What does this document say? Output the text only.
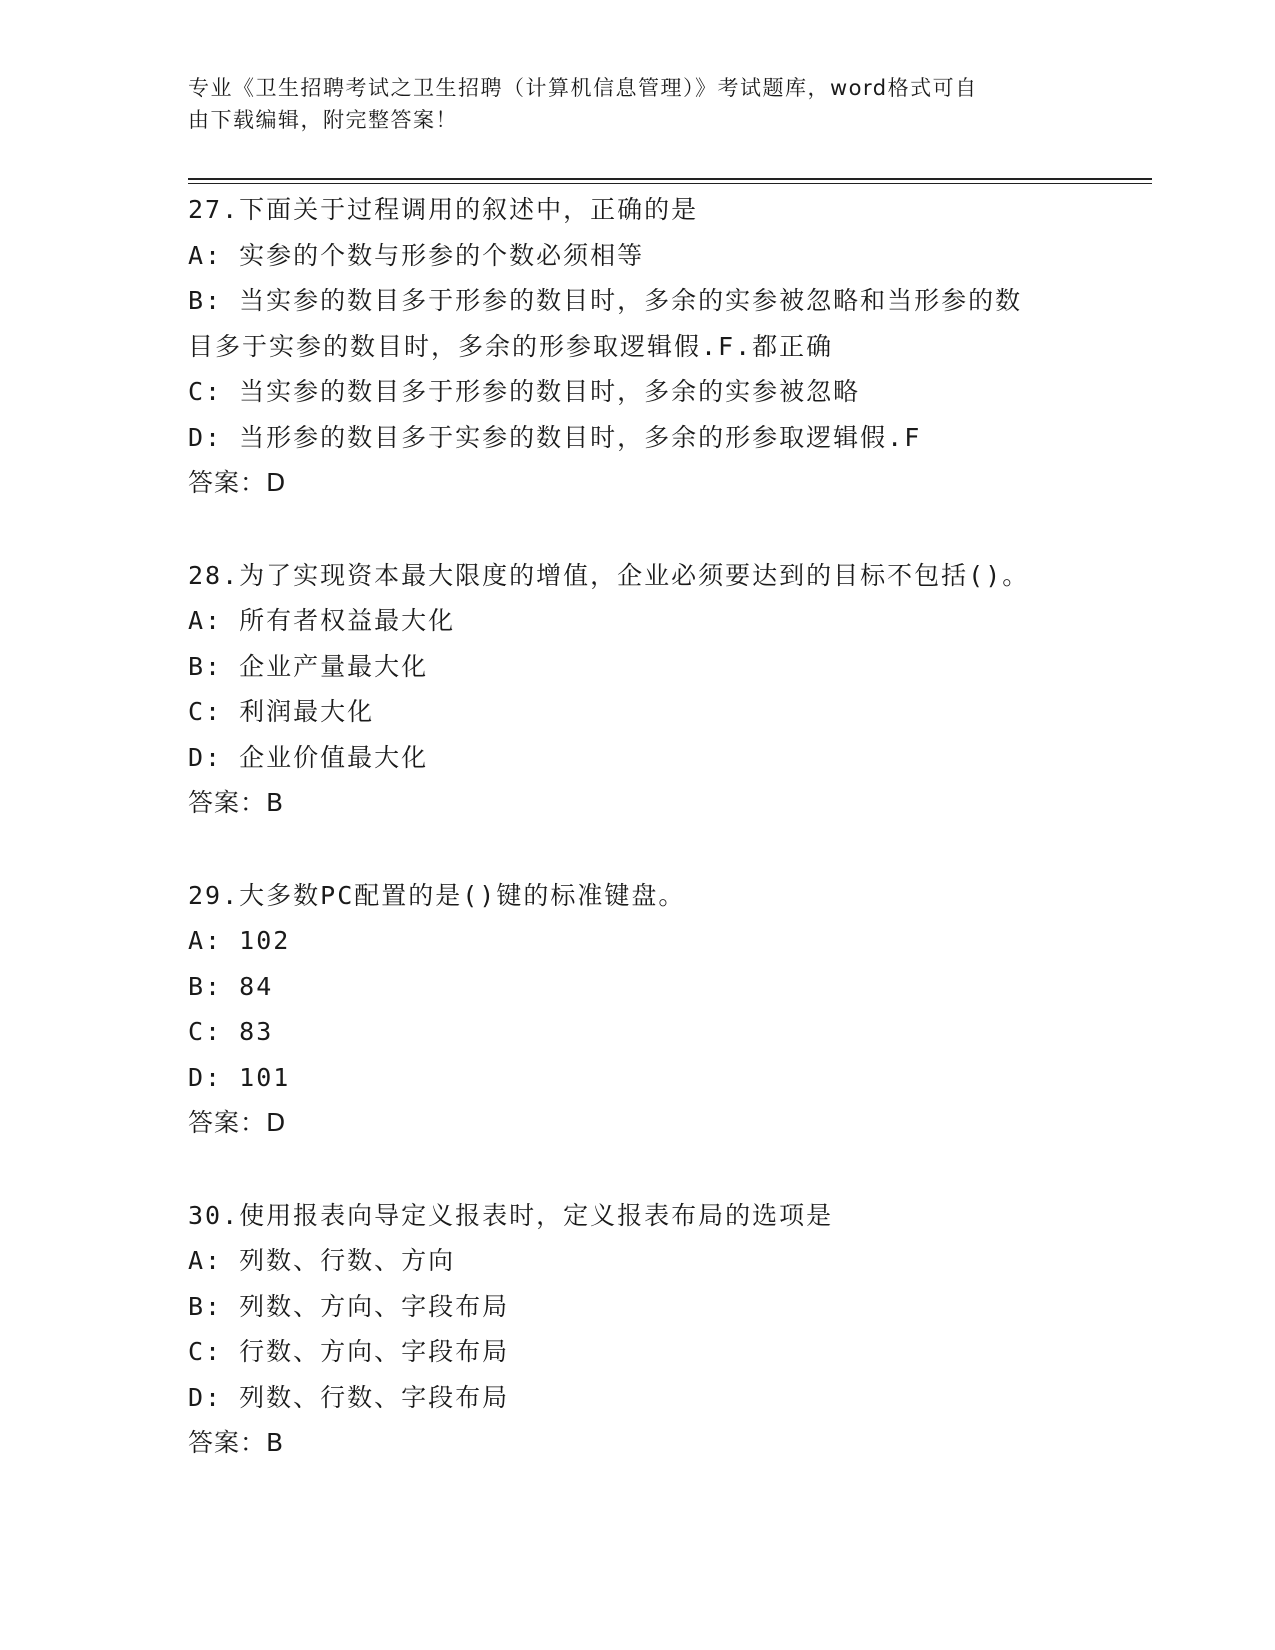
专业《卫生招聘考试之卫生招聘（计算机信息管理）》考试题库，word格式可自
由下载编辑，附完整答案！
27.下面关于过程调用的叙述中，正确的是
A: 实参的个数与形参的个数必须相等
B: 当实参的数目多于形参的数目时，多余的实参被忽略和当形参的数
目多于实参的数目时，多余的形参取逻辑假.F.都正确
C: 当实参的数目多于形参的数目时，多余的实参被忽略
D: 当形参的数目多于实参的数目时，多余的形参取逻辑假.F
答案：D
28.为了实现资本最大限度的增值，企业必须要达到的目标不包括()。
A: 所有者权益最大化
B: 企业产量最大化
C: 利润最大化
D: 企业价值最大化
答案：B
29.大多数PC配置的是()键的标准键盘。
A: 102
B: 84
C: 83
D: 101
答案：D
30.使用报表向导定义报表时，定义报表布局的选项是
A: 列数、行数、方向
B: 列数、方向、字段布局
C: 行数、方向、字段布局
D: 列数、行数、字段布局
答案：B
